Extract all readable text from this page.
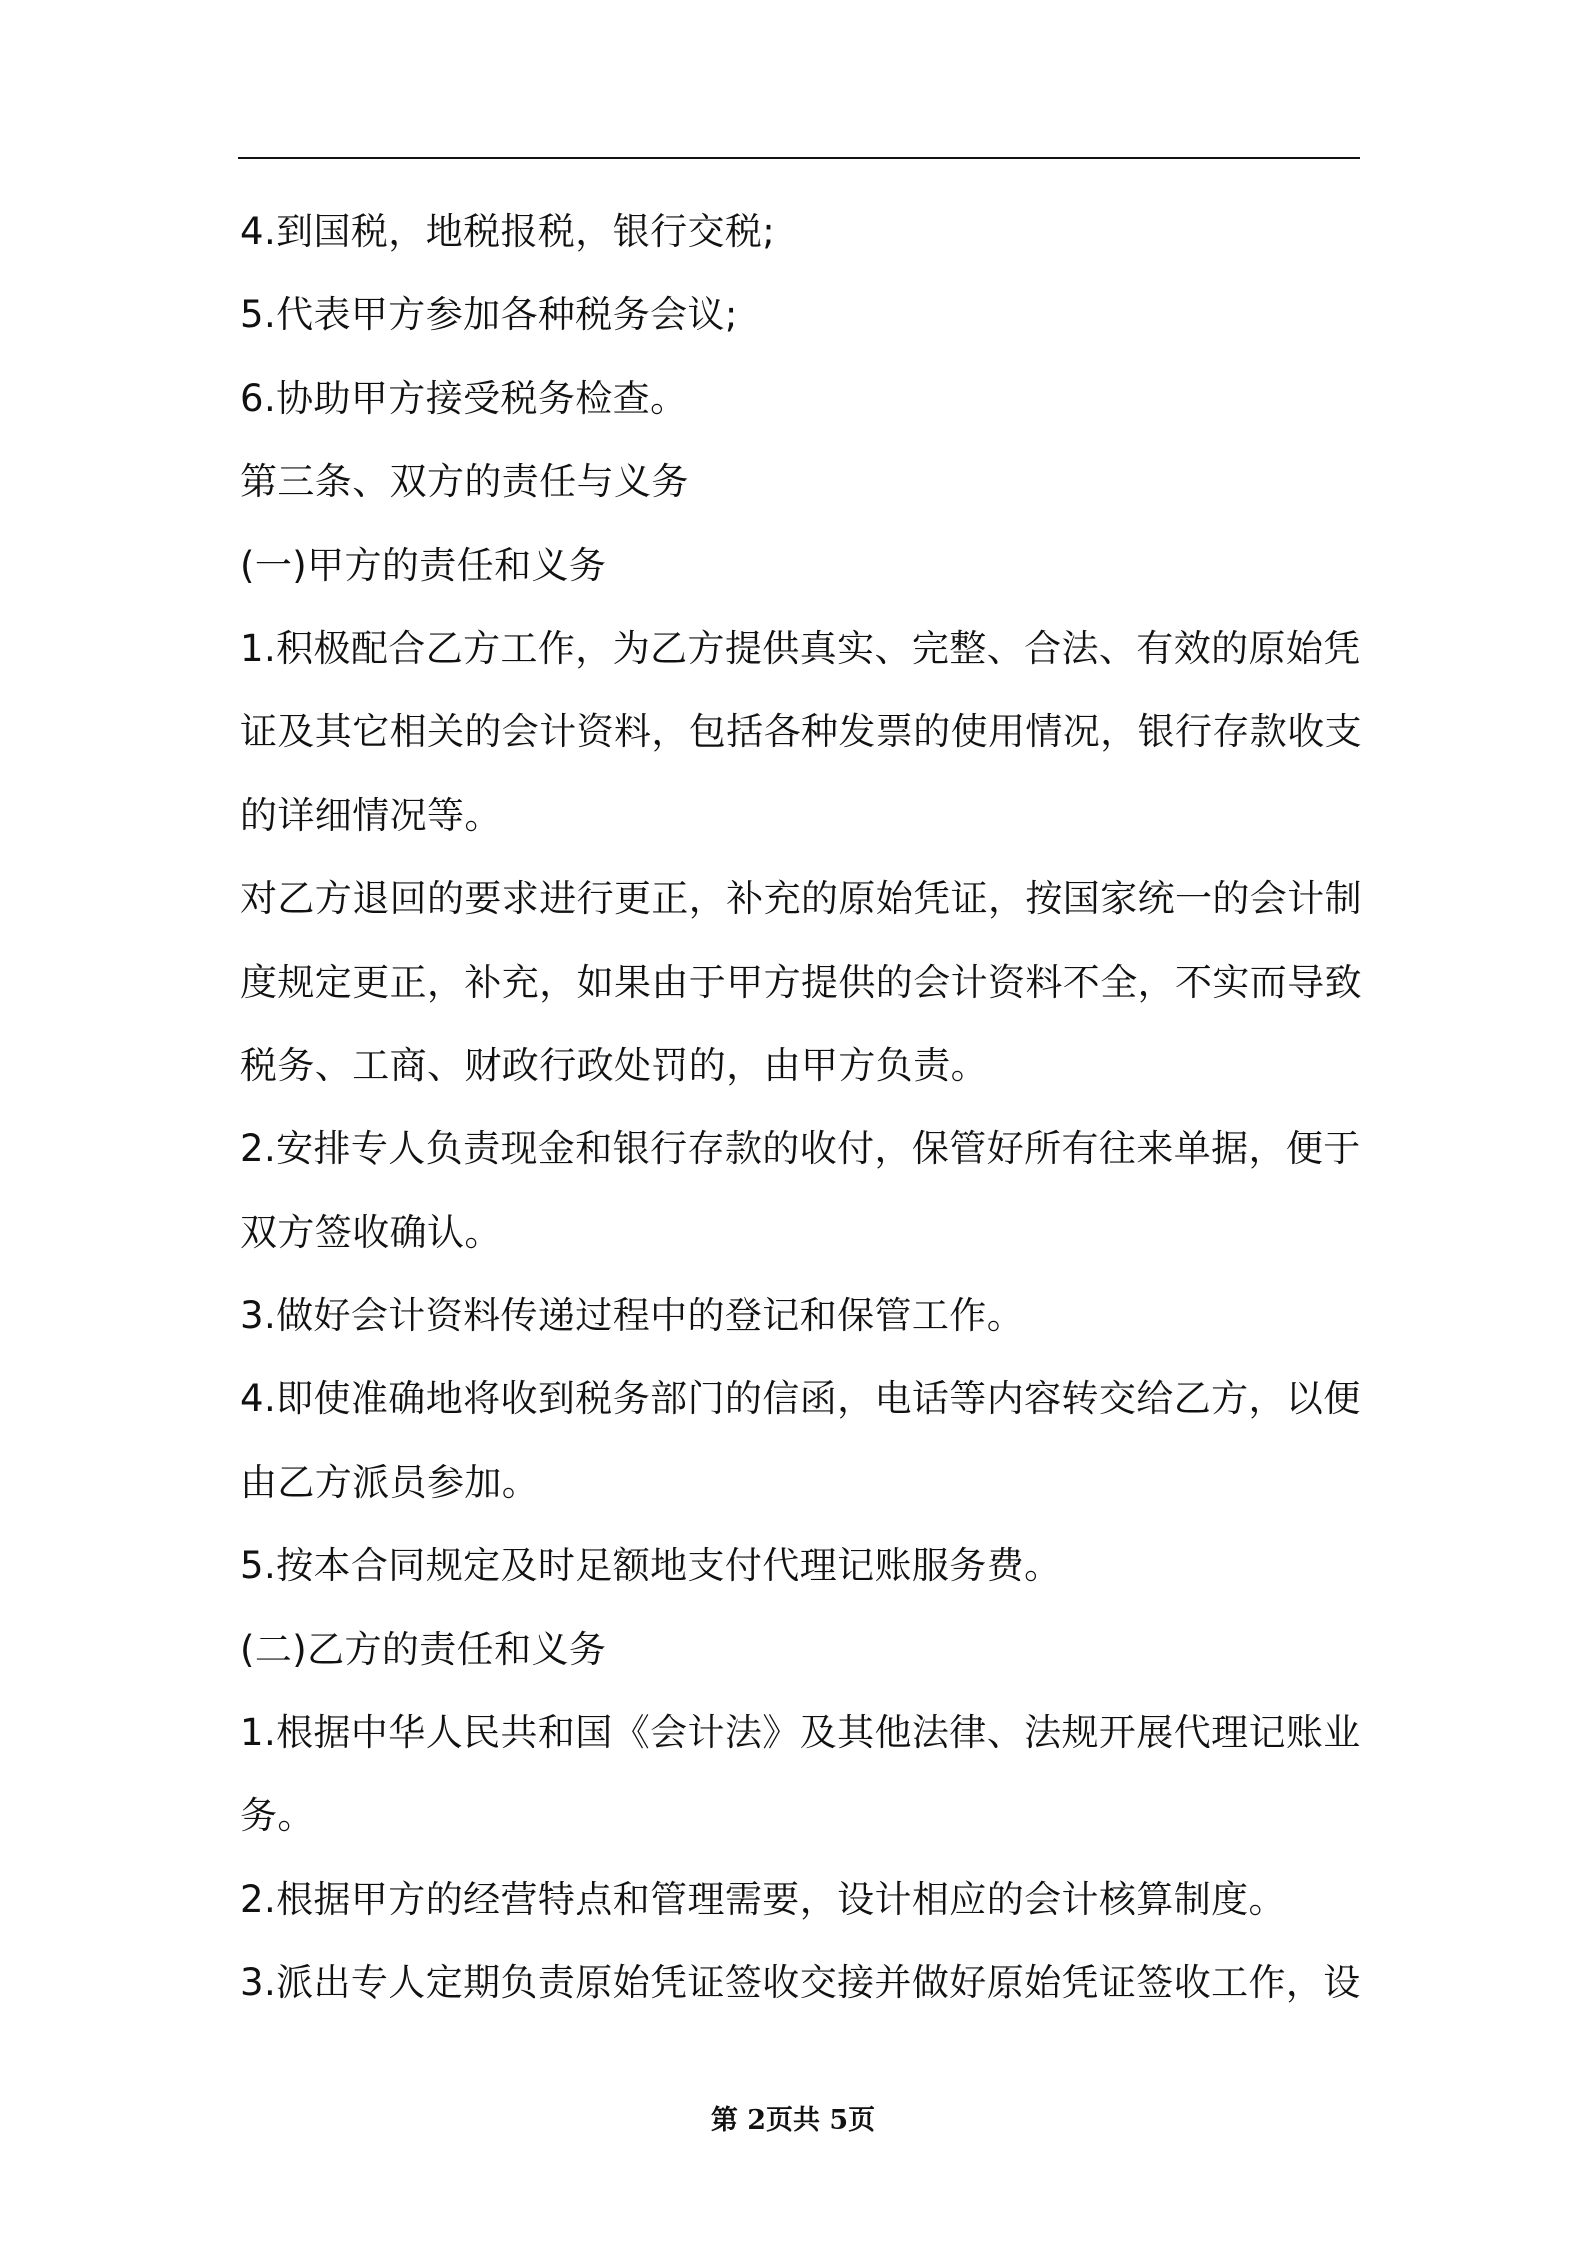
4.到国税，地税报税，银行交税;
5.代表甲方参加各种税务会议;
6.协助甲方接受税务检查。
第三条、双方的责任与义务
(一)甲方的责任和义务
1.积极配合乙方工作，为乙方提供真实、完整、合法、有效的原始凭
证及其它相关的会计资料，包括各种发票的使用情况，银行存款收支
的详细情况等。
对乙方退回的要求进行更正，补充的原始凭证，按国家统一的会计制
度规定更正，补充，如果由于甲方提供的会计资料不全，不实而导致
税务、工商、财政行政处罚的，由甲方负责。
2.安排专人负责现金和银行存款的收付，保管好所有往来单据，便于
双方签收确认。
3.做好会计资料传递过程中的登记和保管工作。
4.即使准确地将收到税务部门的信函，电话等内容转交给乙方，以便
由乙方派员参加。
5.按本合同规定及时足额地支付代理记账服务费。
(二)乙方的责任和义务
1.根据中华人民共和国《会计法》及其他法律、法规开展代理记账业
务。
2.根据甲方的经营特点和管理需要，设计相应的会计核算制度。
3.派出专人定期负责原始凭证签收交接并做好原始凭证签收工作，设
第 2页共 5页
